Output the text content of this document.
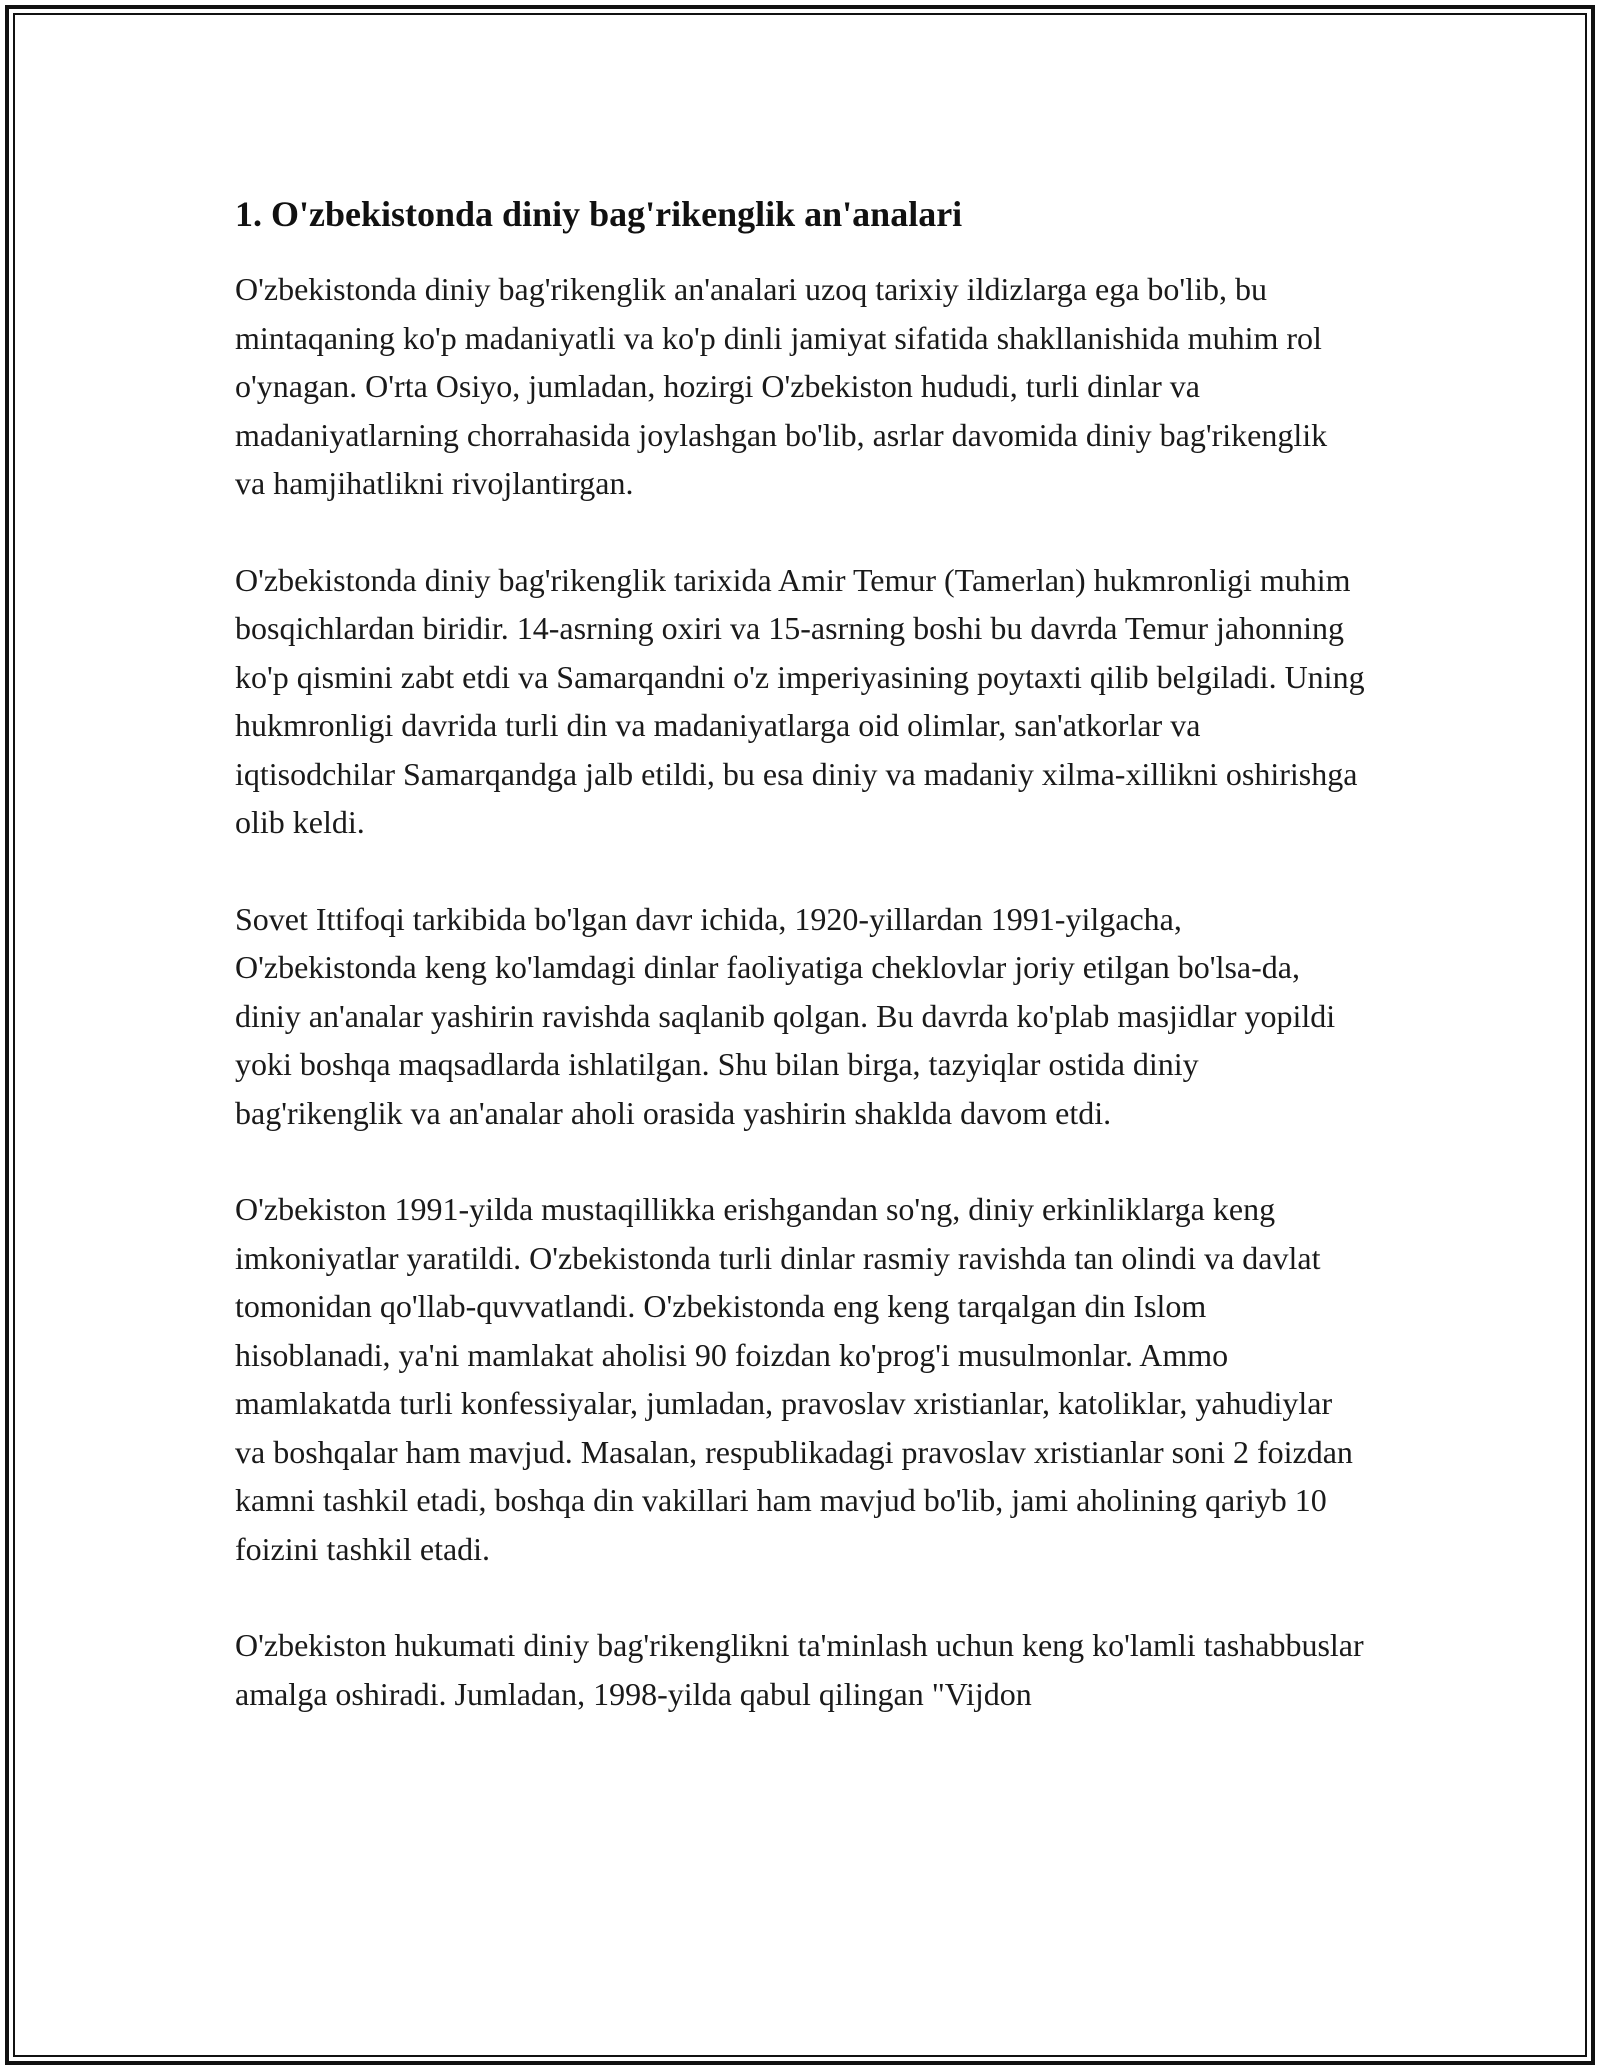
1. O'zbekistonda diniy bag'rikenglik an'analari

O'zbekistonda diniy bag'rikenglik an'analari uzoq tarixiy ildizlarga ega bo'lib, bu mintaqaning ko'p madaniyatli va ko'p dinli jamiyat sifatida shakllanishida muhim rol o'ynagan. O'rta Osiyo, jumladan, hozirgi O'zbekiston hududi, turli dinlar va madaniyatlarning chorrahasida joylashgan bo'lib, asrlar davomida diniy bag'rikenglik va hamjihatlikni rivojlantirgan.

O'zbekistonda diniy bag'rikenglik tarixida Amir Temur (Tamerlan) hukmronligi muhim bosqichlardan biridir. 14-asrning oxiri va 15-asrning boshi bu davrda Temur jahonning ko'p qismini zabt etdi va Samarqandni o'z imperiyasining poytaxti qilib belgiladi. Uning hukmronligi davrida turli din va madaniyatlarga oid olimlar, san'atkorlar va iqtisodchilar Samarqandga jalb etildi, bu esa diniy va madaniy xilma-xillikni oshirishga olib keldi.

Sovet Ittifoqi tarkibida bo'lgan davr ichida, 1920-yillardan 1991-yilgacha, O'zbekistonda keng ko'lamdagi dinlar faoliyatiga cheklovlar joriy etilgan bo'lsa-da, diniy an'analar yashirin ravishda saqlanib qolgan. Bu davrda ko'plab masjidlar yopildi yoki boshqa maqsadlarda ishlatilgan. Shu bilan birga, tazyiqlar ostida diniy bag'rikenglik va an'analar aholi orasida yashirin shakldа davom etdi.

O'zbekiston 1991-yilda mustaqillikka erishgandan so'ng, diniy erkinliklarga keng imkoniyatlar yaratildi. O'zbekistonda turli dinlar rasmiy ravishda tan olindi va davlat tomonidan qo'llab-quvvatlandi. O'zbekistonda eng keng tarqalgan din Islom hisoblanadi, ya'ni mamlakat aholisi 90 foizdan ko'prog'i musulmonlar. Ammo mamlakatda turli konfessiyalar, jumladan, pravoslav xristianlar, katoliklar, yahudiylar va boshqalar ham mavjud. Masalan, respublikadagi pravoslav xristianlar soni 2 foizdan kamni tashkil etadi, boshqa din vakillari ham mavjud bo'lib, jami aholining qariyb 10 foizini tashkil etadi.

O'zbekiston hukumati diniy bag'rikenglikni ta'minlash uchun keng ko'lamli tashabbuslar amalga oshiradi. Jumladan, 1998-yilda qabul qilingan "Vijdon
